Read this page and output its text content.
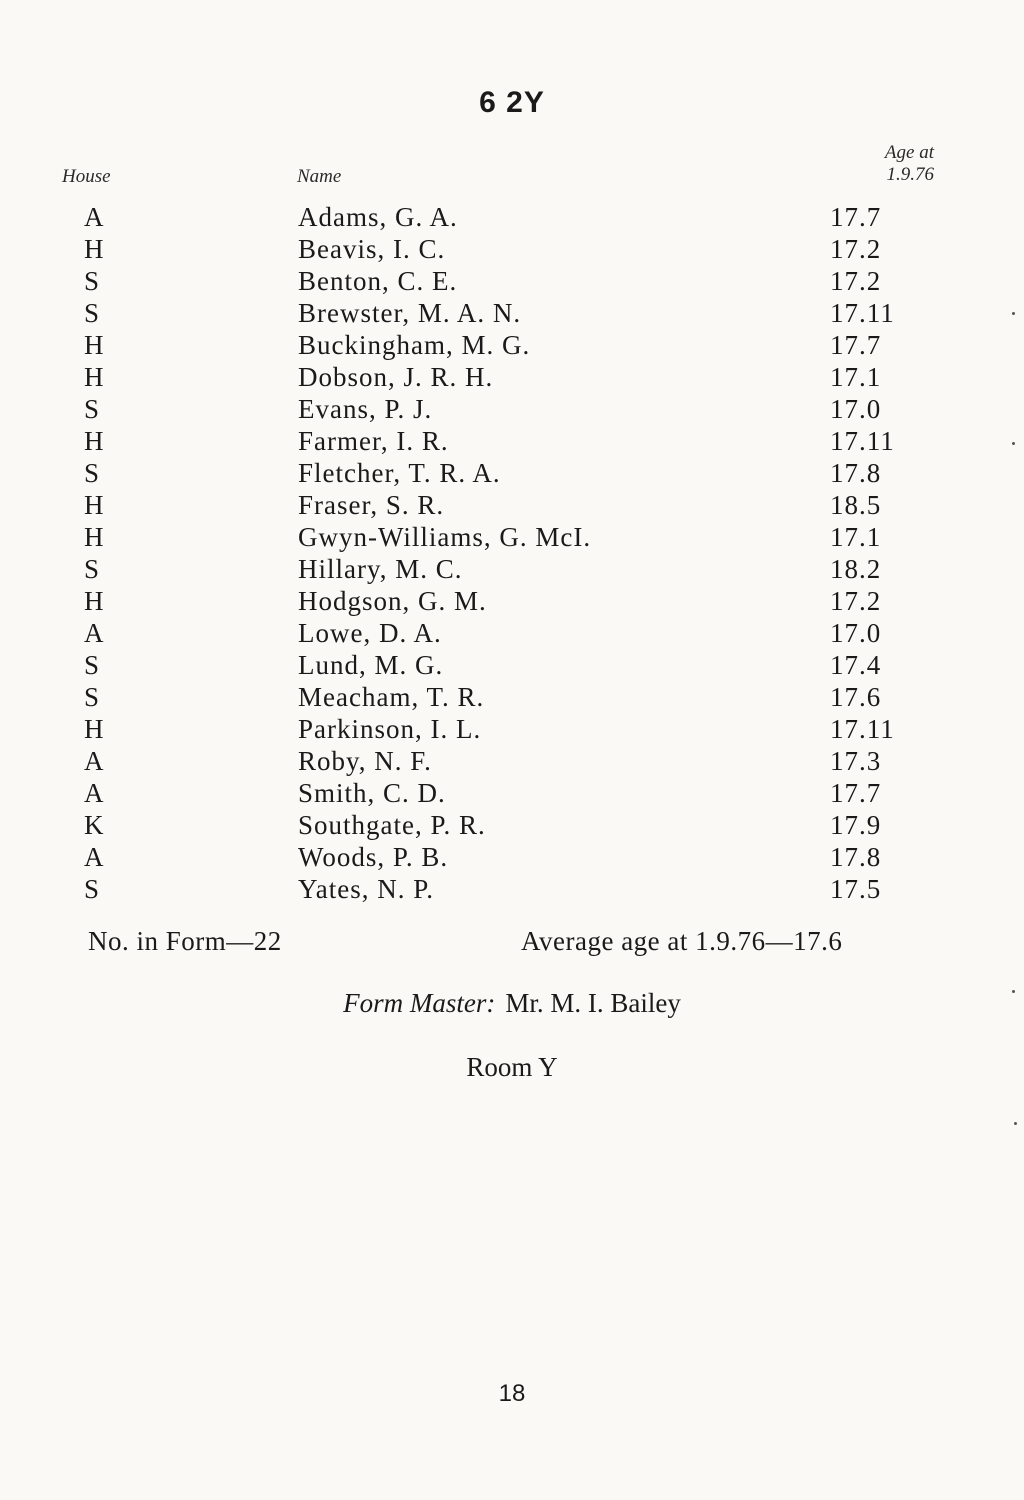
6 2Y
House	Name
Age at
1.9.76
A	Adams, G. A.	17.7
H	Beavis, I. C.	17.2
S	Benton, C. E.	17.2
S	Brewster, M. A. N.	17.11
H	Buckingham, M. G.	17.7
H	Dobson, J. R. H.	17.1
S	Evans, P. J.	17.0
H	Farmer, I. R.	17.11
S	Fletcher, T. R. A.	17.8
H	Fraser, S. R.	18.5
H	Gwyn-Williams, G. McI.	17.1
S	Hillary, M. C.	18.2
H	Hodgson, G. M.	17.2
A	Lowe, D. A.	17.0
S	Lund, M. G.	17.4
S	Meacham, T. R.	17.6
H	Parkinson, I. L.	17.11
A	Roby, N. F.	17.3
A	Smith, C. D.	17.7
K	Southgate, P. R.	17.9
A	Woods, P. B.	17.8
S	Yates, N. P.	17.5
No. in Form—22	Average age at 1.9.76—17.6
Form Master: Mr. M. I. Bailey
Room Y
18
